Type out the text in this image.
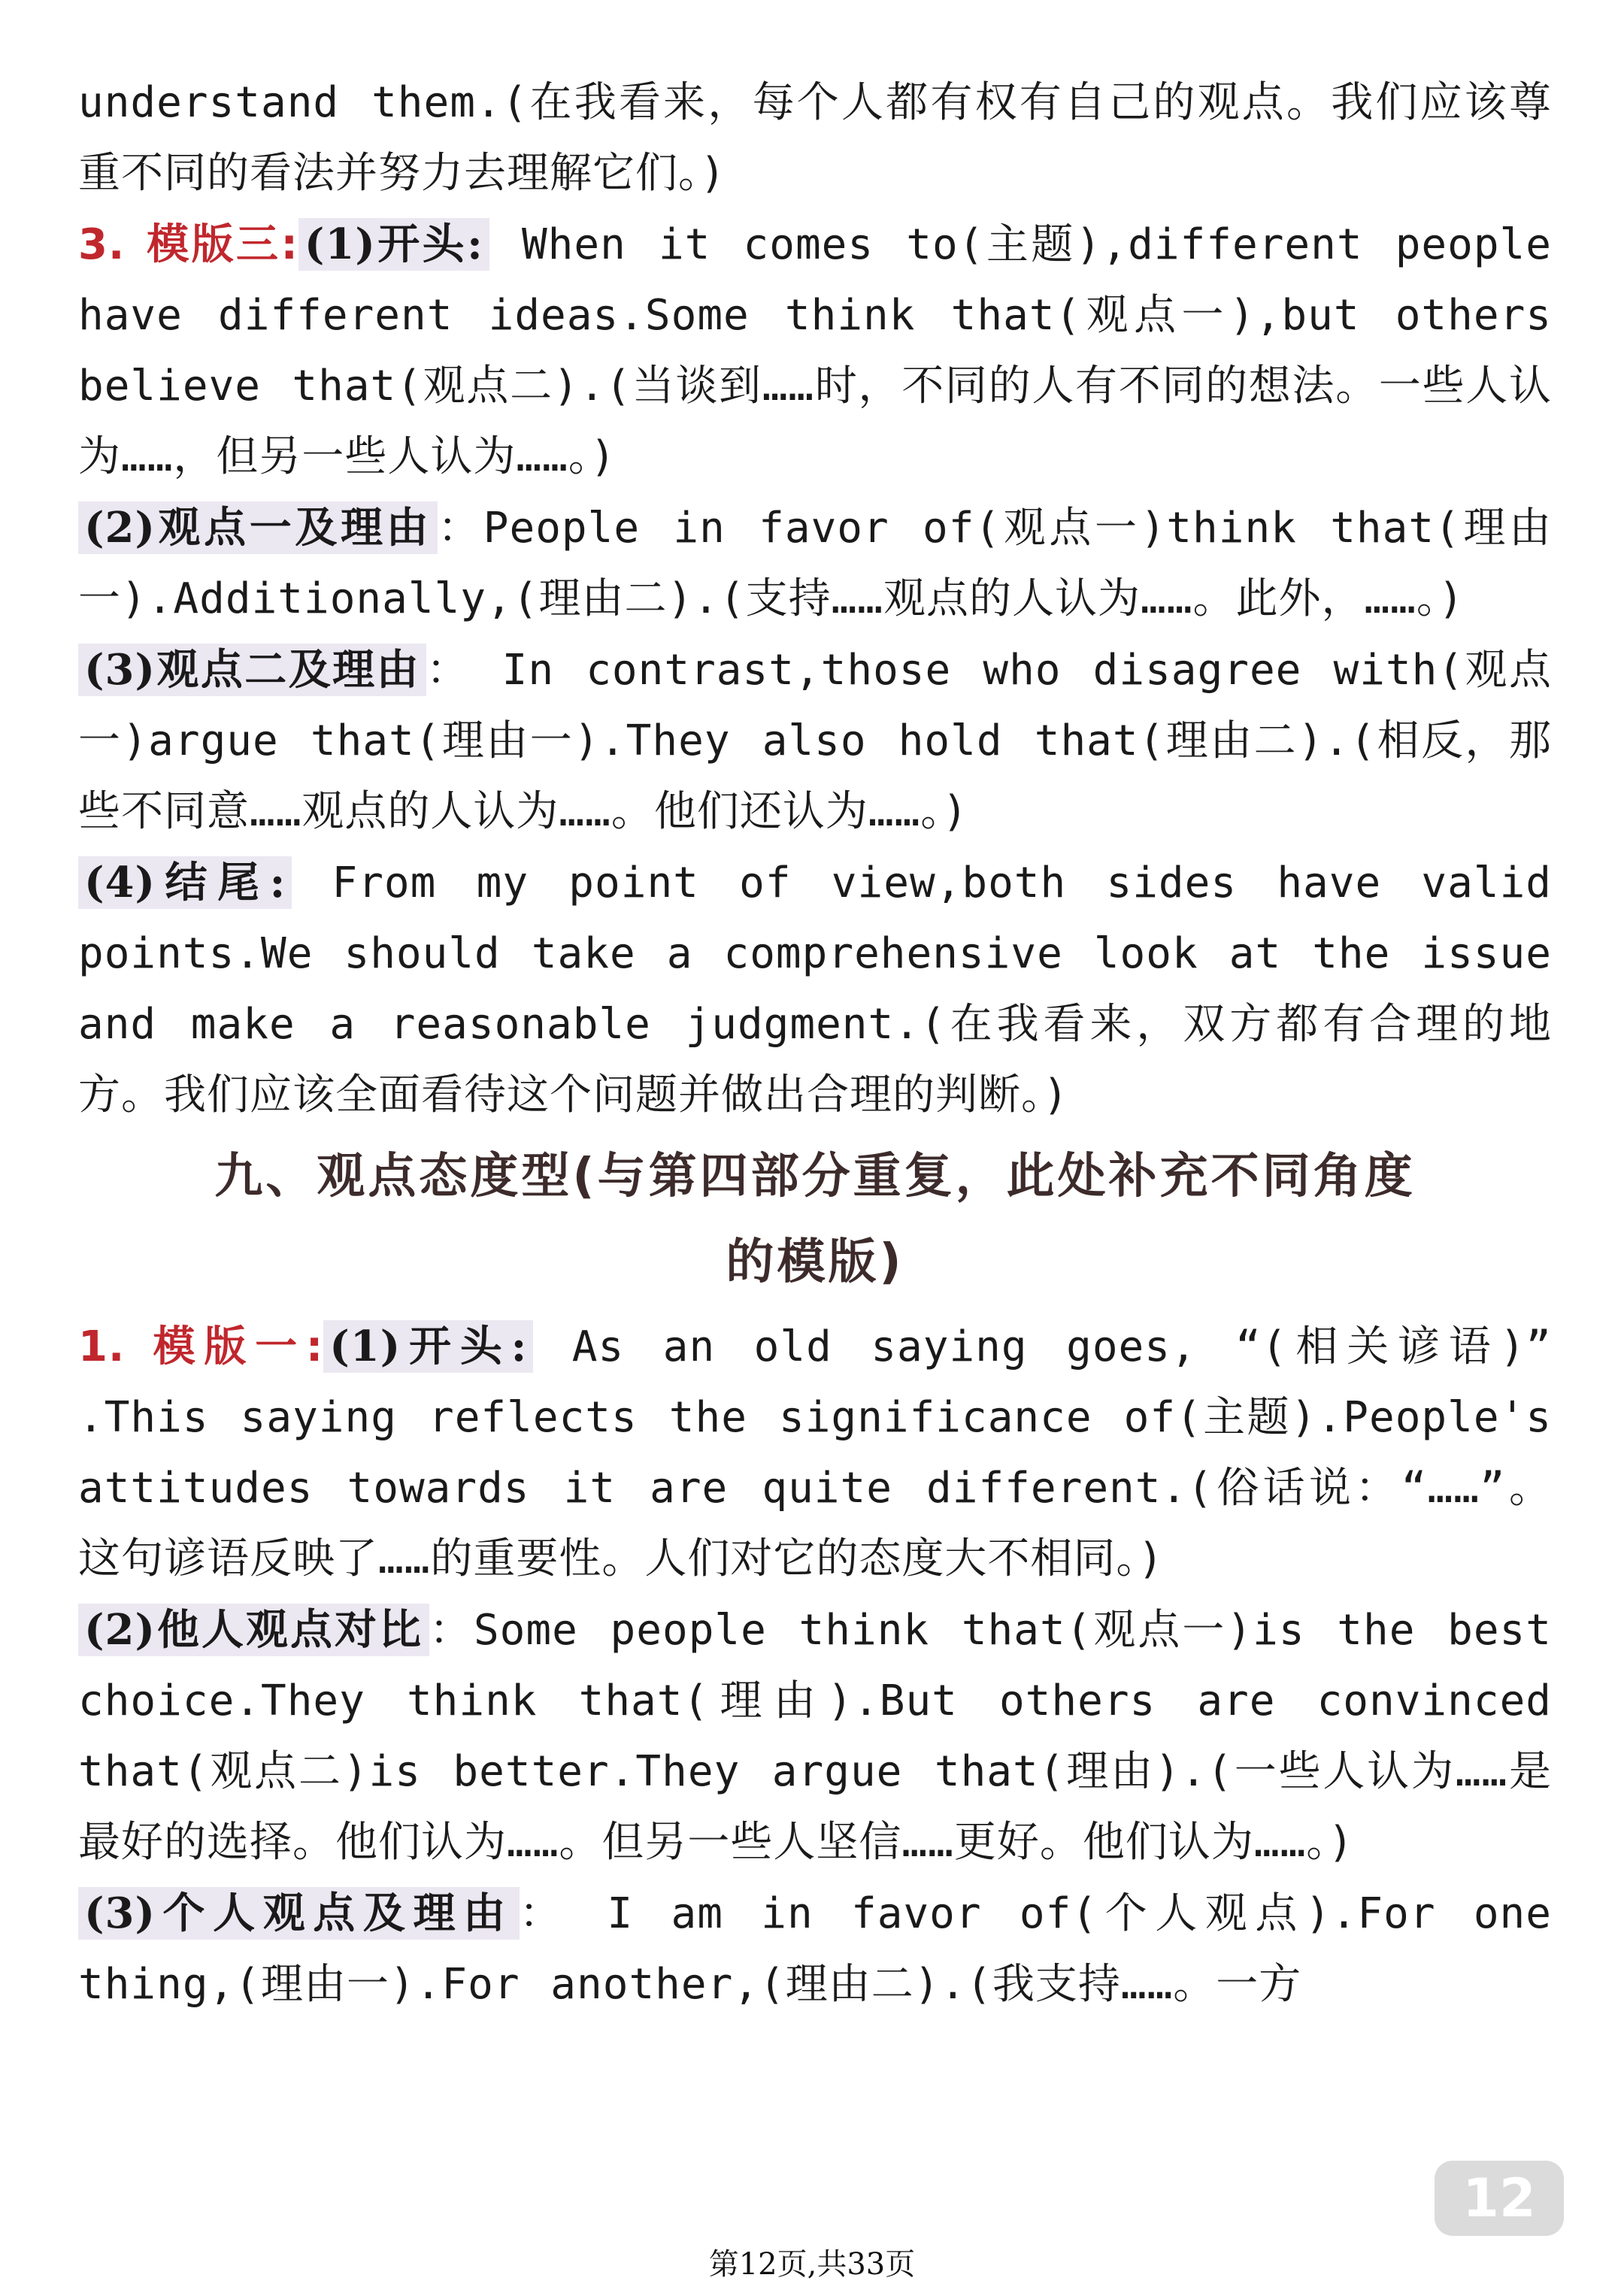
understand them.(在我看来，每个人都有权有自己的观点。我们应该尊重不同的看法并努力去理解它们。)

3. 模版三: (1)开头: When it comes to(主题),different people have different ideas.Some think that(观点一),but others believe that(观点二).(当谈到……时，不同的人有不同的想法。一些人认为……，但另一些人认为……。)

(2)观点一及理由 ：People in favor of(观点一)think that(理由一).Additionally,(理由二).(支持……观点的人认为……。此外，……。)

(3)观点二及理由 ： In contrast,those who disagree with(观点一)argue that(理由一).They also hold that(理由二).(相反，那些不同意……观点的人认为……。他们还认为……。)

(4)结尾: From my point of view,both sides have valid points.We should take a comprehensive look at the issue and make a reasonable judgment.(在我看来，双方都有合理的地方。我们应该全面看待这个问题并做出合理的判断。)

九、观点态度型(与第四部分重复，此处补充不同角度
的模版)

1. 模版一: (1)开头: As an old saying goes, “(相关谚语)” .This saying reflects the significance of(主题).People's attitudes towards it are quite different.(俗话说：“……”。这句谚语反映了……的重要性。人们对它的态度大不相同。)

(2)他人观点对比 ：Some people think that(观点一)is the best choice.They think that(理由).But others are convinced that(观点二)is better.They argue that(理由).(一些人认为……是最好的选择。他们认为……。但另一些人坚信……更好。他们认为……。)

(3)个人观点及理由 ： I am in favor of(个人观点).For one thing,(理由一).For another,(理由二).(我支持……。一方

12
第12页,共33页
